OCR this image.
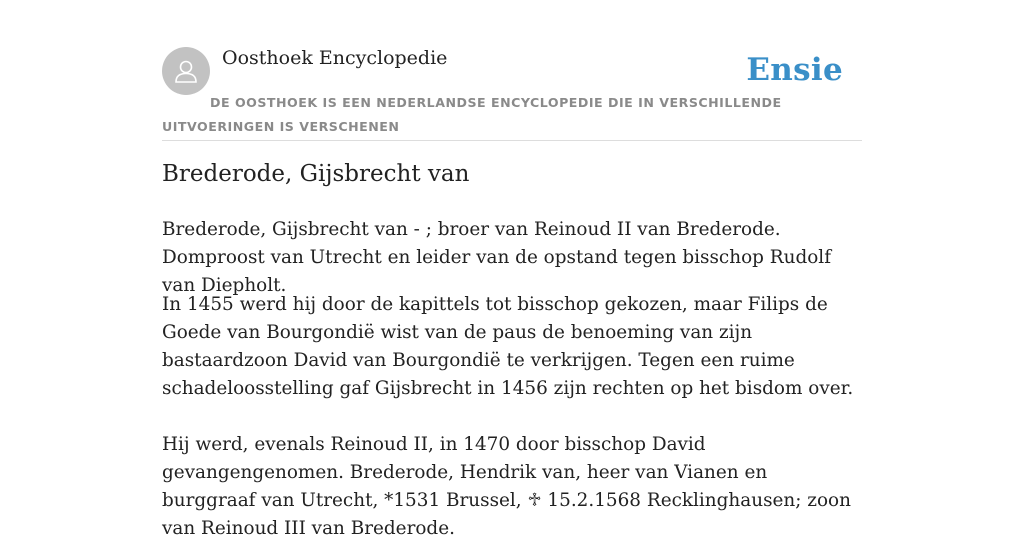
Oosthoek Encyclopedie	Ensie
DE OOSTHOEK IS EEN NEDERLANDSE ENCYCLOPEDIE DIE IN VERSCHILLENDE UITVOERINGEN IS VERSCHENEN
Brederode, Gijsbrecht van

Brederode, Gijsbrecht van - ; broer van Reinoud II van Brederode. Domproost van Utrecht en leider van de opstand tegen bisschop Rudolf van Diepholt.

In 1455 werd hij door de kapittels tot bisschop gekozen, maar Filips de Goede van Bourgondië wist van de paus de benoeming van zijn bastaardzoon David van Bourgondië te verkrijgen. Tegen een ruime schadeloosstelling gaf Gijsbrecht in 1456 zijn rechten op het bisdom over.

Hij werd, evenals Reinoud II, in 1470 door bisschop David gevangengenomen. Brederode, Hendrik van, heer van Vianen en burggraaf van Utrecht, *1531 Brussel, ♱ 15.2.1568 Recklinghausen; zoon van Reinoud III van Brederode.
